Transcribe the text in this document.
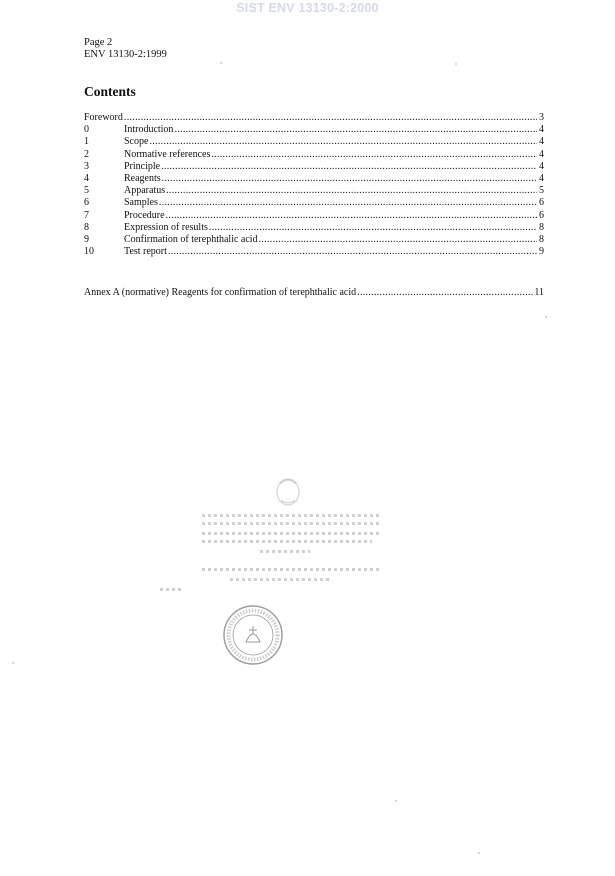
SIST ENV 13130-2:2000
Page 2
ENV 13130-2:1999
Contents
Foreword .....	3
0	Introduction .....	4
1	Scope .....	4
2	Normative references .....	4
3	Principle .....	4
4	Reagents .....	4
5	Apparatus .....	5
6	Samples .....	6
7	Procedure .....	6
8	Expression of results .....	8
9	Confirmation of terephthalic acid .....	8
10	Test report .....	9
Annex A (normative) Reagents for confirmation of terephthalic acid .....	11
